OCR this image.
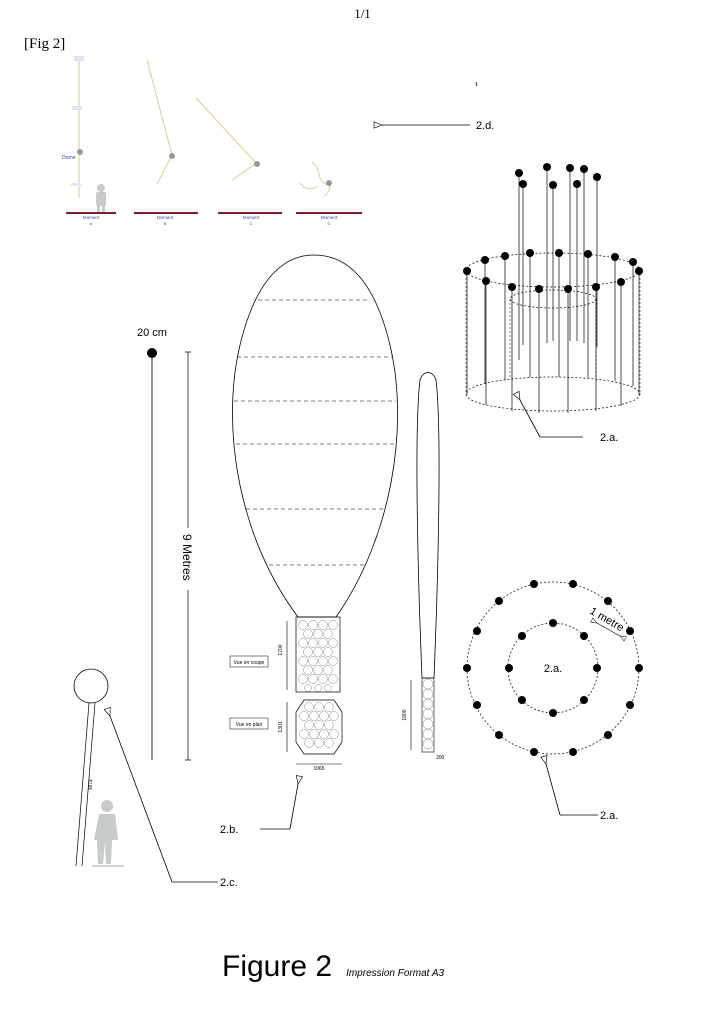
1/1
[Fig 2]
Drone
Moment
A
Moment
B
Moment
C
Moment
D
2.d.
2.a.
20 cm
9 Metres
1700
Vue en coupe
1301
Vue en plan
1065
2.b.
1800
200
2.a.
1 metre
2.a.
3874
2.c.
Figure 2 Impression Format A3
